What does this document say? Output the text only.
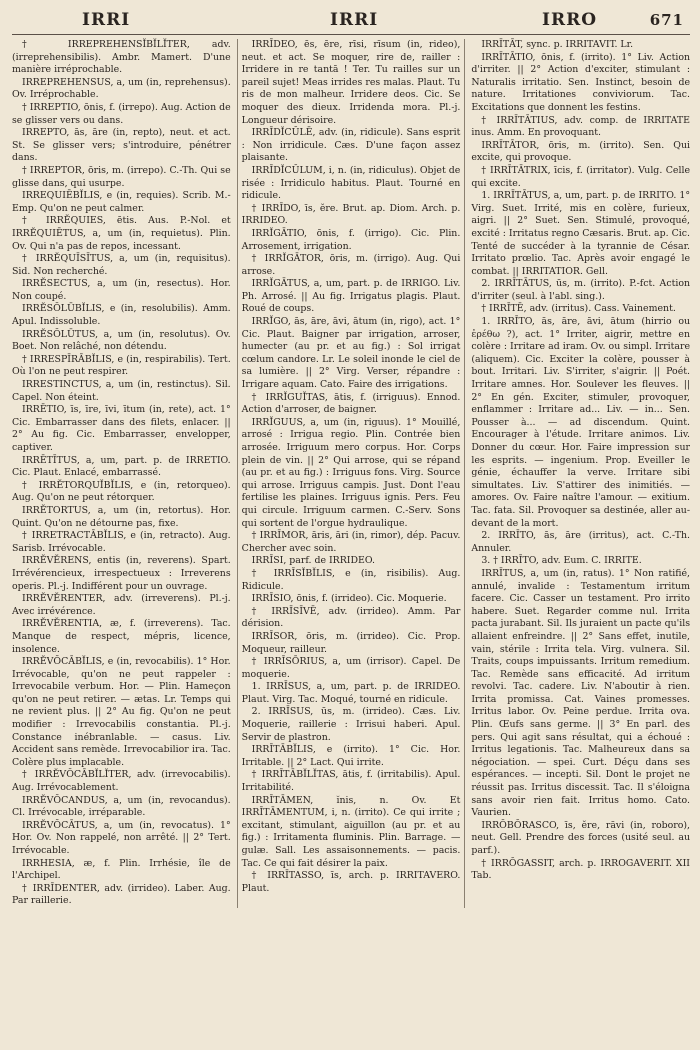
IRRI	IRRI	IRRO	671

† IRREPREHENSĬBĬLĬTER, adv. (irreprehensibilis). Ambr. Mamert. D'une manière irréprochable.

IRREPREHENSUS, a, um (in, reprehensus). Ov. Irréprochable.

† IRREPTIO, ōnis, f. (irrepo). Aug. Action de se glisser vers ou dans.

IRREPTO, ās, āre (in, repto), neut. et act. St. Se glisser vers; s'introduire, pénétrer dans.

† IRREPTOR, ōris, m. (irrepo). C.-Th. Qui se glisse dans, qui usurpe.

IRREQUIĒBĬLIS, e (in, requies). Scrib. M.-Emp. Qu'on ne peut calmer.

† IRRĔQUIES, ētis. Aus. P.-Nol. et IRRĔQUIĒTUS, a, um (in, requietus). Plin. Ov. Qui n'a pas de repos, incessant.

† IRRĔQUĪSĪTUS, a, um (in, requisitus). Sid. Non recherché.

IRRĔSECTUS, a, um (in, resectus). Hor. Non coupé.

IRRĔSŎLŪBĬLIS, e (in, resolubilis). Amm. Apul. Indissoluble.

IRRĔSŎLŪTUS, a, um (in, resolutus). Ov. Boet. Non relâché, non détendu.

† IRRESPĪRĀBĬLIS, e (in, respirabilis). Tert. Où l'on ne peut respirer.

IRRESTINCTUS, a, um (in, restinctus). Sil. Capel. Non éteint.

IRRĒTIO, īs, īre, īvi, ītum (in, rete), act. 1° Cic. Embarrasser dans des filets, enlacer. || 2° Au fig. Cic. Embarrasser, envelopper, captiver.

IRRĒTĪTUS, a, um, part. p. de IRRETIO. Cic. Plaut. Enlacé, embarrassé.

† IRRĔTORQUĬBĬLIS, e (in, retorqueo). Aug. Qu'on ne peut rétorquer.

IRRĔTORTUS, a, um (in, retortus). Hor. Quint. Qu'on ne détourne pas, fixe.

† IRRETRACTĀBĬLIS, e (in, retracto). Aug. Sarisb. Irrévocable.

IRRĔVĔRENS, entis (in, reverens). Spart. Irrévérencieux, irrespectueux : Irreverens operis. Pl.-j. Indifférent pour un ouvrage.

IRRĔVĔRENTER, adv. (irreverens). Pl.-j. Avec irrévérence.

IRRĔVĔRENTIA, æ, f. (irreverens). Tac. Manque de respect, mépris, licence, insolence.

IRRĔVŎCĀBĬLIS, e (in, revocabilis). 1° Hor. Irrévocable, qu'on ne peut rappeler : Irrevocabile verbum. Hor. — Plin. Hameçon qu'on ne peut retirer. — ætas. Lr. Temps qui ne revient plus. || 2° Au fig. Qu'on ne peut modifier : Irrevocabilis constantia. Pl.-j. Constance inébranlable. — casus. Liv. Accident sans remède. Irrevocabilior ira. Tac. Colère plus implacable.

† IRRĔVŎCĀBĬLĬTER, adv. (irrevocabilis). Aug. Irrévocablement.

IRRĔVŎCANDUS, a, um (in, revocandus). Cl. Irrévocable, irréparable.

IRRĔVŎCĀTUS, a, um (in, revocatus). 1° Hor. Ov. Non rappelé, non arrêté. || 2° Tert. Irrévocable.

IRRHESIA, æ, f. Plin. Irrhésie, île de l'Archipel.

† IRRĪDENTER, adv. (irrideo). Laber. Aug. Par raillerie.

IRRĪDEO, ēs, ēre, rīsi, rīsum (in, rideo), neut. et act. Se moquer, rire de, railler : Irridere in re tantā ! Ter. Tu railles sur un pareil sujet! Meas irrides res malas. Plaut. Tu ris de mon malheur. Irridere deos. Cic. Se moquer des dieux. Irridenda mora. Pl.-j. Longueur dérisoire.

IRRĪDĬCŬLĒ, adv. (in, ridicule). Sans esprit : Non irridicule. Cæs. D'une façon assez plaisante.

IRRĪDĬCŬLUM, i, n. (in, ridiculus). Objet de risée : Irridiculo habitus. Plaut. Tourné en ridicule.

† IRRĪDO, īs, ĕre. Brut. ap. Diom. Arch. p. IRRIDEO.

IRRĬGĀTIO, ōnis, f. (irrigo). Cic. Plin. Arrosement, irrigation.

† IRRĬGĀTOR, ōris, m. (irrigo). Aug. Qui arrose.

IRRĬGĀTUS, a, um, part. p. de IRRIGO. Liv. Ph. Arrosé. || Au fig. Irrigatus plagis. Plaut. Roué de coups.

IRRĬGO, ās, āre, āvi, ātum (in, rigo), act. 1° Cic. Plaut. Baigner par irrigation, arroser, humecter (au pr. et au fig.) : Sol irrigat cœlum candore. Lr. Le soleil inonde le ciel de sa lumière. || 2° Virg. Verser, répandre : Irrigare aquam. Cato. Faire des irrigations.

† IRRĬGUĬTAS, ātis, f. (irriguus). Ennod. Action d'arroser, de baigner.

IRRĬGUUS, a, um (in, riguus). 1° Mouillé, arrosé : Irrigua regio. Plin. Contrée bien arrosée. Irriguum mero corpus. Hor. Corps plein de vin. || 2° Qui arrose, qui se répand (au pr. et au fig.) : Irriguus fons. Virg. Source qui arrose. Irriguus campis. Just. Dont l'eau fertilise les plaines. Irriguus ignis. Pers. Feu qui circule. Irriguum carmen. C.-Serv. Sons qui sortent de l'orgue hydraulique.

† IRRĪMOR, āris, āri (in, rimor), dép. Pacuv. Chercher avec soin.

IRRĪSI, parf. de IRRIDEO.

† IRRĪSĬBĬLIS, e (in, risibilis). Aug. Ridicule.

IRRĪSIO, ōnis, f. (irrideo). Cic. Moquerie.

† IRRĪSĪVĒ, adv. (irrideo). Amm. Par dérision.

IRRĪSOR, ōris, m. (irrideo). Cic. Prop. Moqueur, railleur.

† IRRĪSŌRIUS, a, um (irrisor). Capel. De moquerie.

1. IRRĪSUS, a, um, part. p. de IRRIDEO. Plaut. Virg. Tac. Moqué, tourné en ridicule.

2. IRRĪSUS, ūs, m. (irrideo). Cæs. Liv. Moquerie, raillerie : Irrisui haberi. Apul. Servir de plastron.

IRRĪTĀBĬLIS, e (irrito). 1° Cic. Hor. Irritable. || 2° Lact. Qui irrite.

† IRRĪTĀBĬLĬTAS, ātis, f. (irritabilis). Apul. Irritabilité.

IRRĪTĀMEN, ĭnis, n. Ov. Et IRRĪTĀMENTUM, i, n. (irrito). Ce qui irrite ; excitant, stimulant, aiguillon (au pr. et au fig.) : Irritamenta fluminis. Plin. Barrage. — gulæ. Sall. Les assaisonnements. — pacis. Tac. Ce qui fait désirer la paix.

† IRRĪTASSO, īs, arch. p. IRRITAVERO. Plaut.

IRRĪTĀT, sync. p. IRRITAVIT. Lr.

IRRĪTĀTIO, ōnis, f. (irrito). 1° Liv. Action d'irriter. || 2° Action d'exciter, stimulant : Naturalis irritatio. Sen. Instinct, besoin de nature. Irritationes conviviorum. Tac. Excitations que donnent les festins.

† IRRĪTĀTIUS, adv. comp. de IRRITATE inus. Amm. En provoquant.

IRRĪTĀTOR, ōris, m. (irrito). Sen. Qui excite, qui provoque.

† IRRĪTĀTRIX, īcis, f. (irritator). Vulg. Celle qui excite.

1. IRRĪTĀTUS, a, um, part. p. de IRRITO. 1° Virg. Suet. Irrité, mis en colère, furieux, aigri. || 2° Suet. Sen. Stimulé, provoqué, excité : Irritatus regno Cæsaris. Brut. ap. Cic. Tenté de succéder à la tyrannie de César. Irritato prœlio. Tac. Après avoir engagé le combat. || IRRITATIOR. Gell.

2. IRRĪTĀTUS, ūs, m. (irrito). P.-fct. Action d'irriter (seul. à l'abl. sing.).

† IRRĪTĒ, adv. (irritus). Cass. Vainement.

1. IRRĪTO, ās, āre, āvi, ātum (hirrio ou ἐρέθω ?), act. 1° Irriter, aigrir, mettre en colère : Irritare ad iram. Ov. ou simpl. Irritare (aliquem). Cic. Exciter la colère, pousser à bout. Irritari. Liv. S'irriter, s'aigrir. || Poét. Irritare amnes. Hor. Soulever les fleuves. || 2° En gén. Exciter, stimuler, provoquer, enflammer : Irritare ad... Liv. — in... Sen. Pousser à... — ad discendum. Quint. Encourager à l'étude. Irritare animos. Liv. Donner du cœur. Hor. Faire impression sur les esprits. — ingenium. Prop. Eveiller le génie, échauffer la verve. Irritare sibi simultates. Liv. S'attirer des inimitiés. — amores. Ov. Faire naître l'amour. — exitium. Tac. fata. Sil. Provoquer sa destinée, aller au-devant de la mort.

2. IRRĪTO, ās, āre (irritus), act. C.-Th. Annuler.

3. † IRRĪTO, adv. Eum. C. IRRITE.

IRRĪTUS, a, um (in, ratus). 1° Non ratifié, annulé, invalide : Testamentum irritum facere. Cic. Casser un testament. Pro irrito habere. Suet. Regarder comme nul. Irrita pacta jurabant. Sil. Ils juraient un pacte qu'ils allaient enfreindre. || 2° Sans effet, inutile, vain, stérile : Irrita tela. Virg. vulnera. Sil. Traits, coups impuissants. Irritum remedium. Tac. Remède sans efficacité. Ad irritum revolvi. Tac. cadere. Liv. N'aboutir à rien. Irrita promissa. Cat. Vaines promesses. Irritus labor. Ov. Peine perdue. Irrita ova. Plin. Œufs sans germe. || 3° En parl. des pers. Qui agit sans résultat, qui a échoué : Irritus legationis. Tac. Malheureux dans sa négociation. — spei. Curt. Déçu dans ses espérances. — incepti. Sil. Dont le projet ne réussit pas. Irritus discessit. Tac. Il s'éloigna sans avoir rien fait. Irritus homo. Cato. Vaurien.

IRRŎBŎRASCO, īs, ĕre, rāvi (in, roboro), neut. Gell. Prendre des forces (usité seul. au parf.).

† IRRŎGASSIT, arch. p. IRROGAVERIT. XII Tab.
